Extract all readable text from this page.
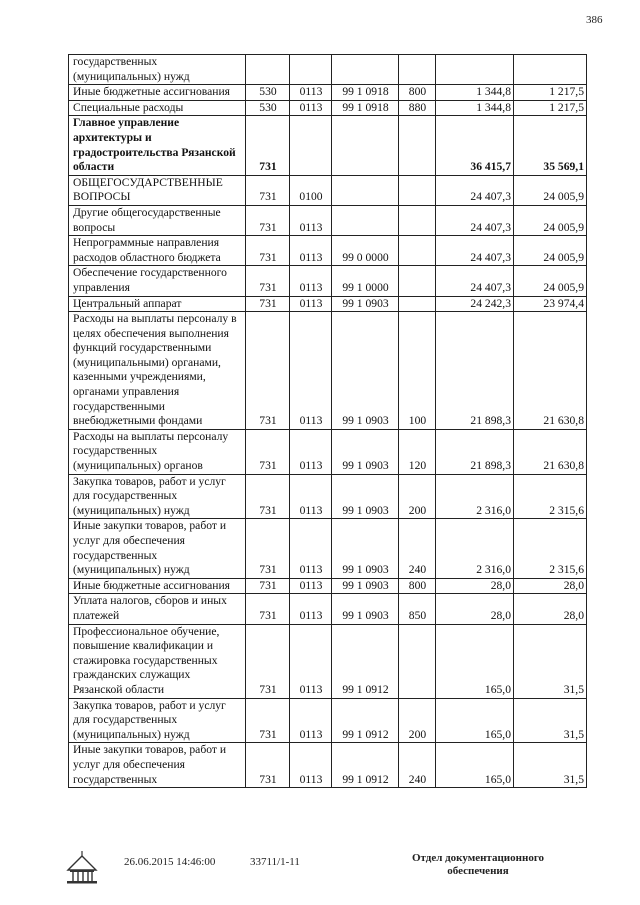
386
государственных (муниципальных) нужд						
Иные бюджетные ассигнования	530	0113	99 1 0918	800	1 344,8	1 217,5
Специальные расходы	530	0113	99 1 0918	880	1 344,8	1 217,5
Главное управление архитектуры и градостроительства Рязанской области	731				36 415,7	35 569,1
ОБЩЕГОСУДАРСТВЕННЫЕ ВОПРОСЫ	731	0100			24 407,3	24 005,9
Другие общегосударственные вопросы	731	0113			24 407,3	24 005,9
Непрограммные направления расходов областного бюджета	731	0113	99 0 0000		24 407,3	24 005,9
Обеспечение государственного управления	731	0113	99 1 0000		24 407,3	24 005,9
Центральный аппарат	731	0113	99 1 0903		24 242,3	23 974,4
Расходы на выплаты персоналу в целях обеспечения выполнения функций государственными (муниципальными) органами, казенными учреждениями, органами управления государственными внебюджетными фондами	731	0113	99 1 0903	100	21 898,3	21 630,8
Расходы на выплаты персоналу государственных (муниципальных) органов	731	0113	99 1 0903	120	21 898,3	21 630,8
Закупка товаров, работ и услуг для государственных (муниципальных) нужд	731	0113	99 1 0903	200	2 316,0	2 315,6
Иные закупки товаров, работ и услуг для обеспечения государственных (муниципальных) нужд	731	0113	99 1 0903	240	2 316,0	2 315,6
Иные бюджетные ассигнования	731	0113	99 1 0903	800	28,0	28,0
Уплата налогов, сборов и иных платежей	731	0113	99 1 0903	850	28,0	28,0
Профессиональное обучение, повышение квалификации и стажировка государственных гражданских служащих Рязанской области	731	0113	99 1 0912		165,0	31,5
Закупка товаров, работ и услуг для государственных (муниципальных) нужд	731	0113	99 1 0912	200	165,0	31,5
Иные закупки товаров, работ и услуг для обеспечения государственных	731	0113	99 1 0912	240	165,0	31,5
26.06.2015 14:46:00	33711/1-11	Отдел документационного обеспечения
